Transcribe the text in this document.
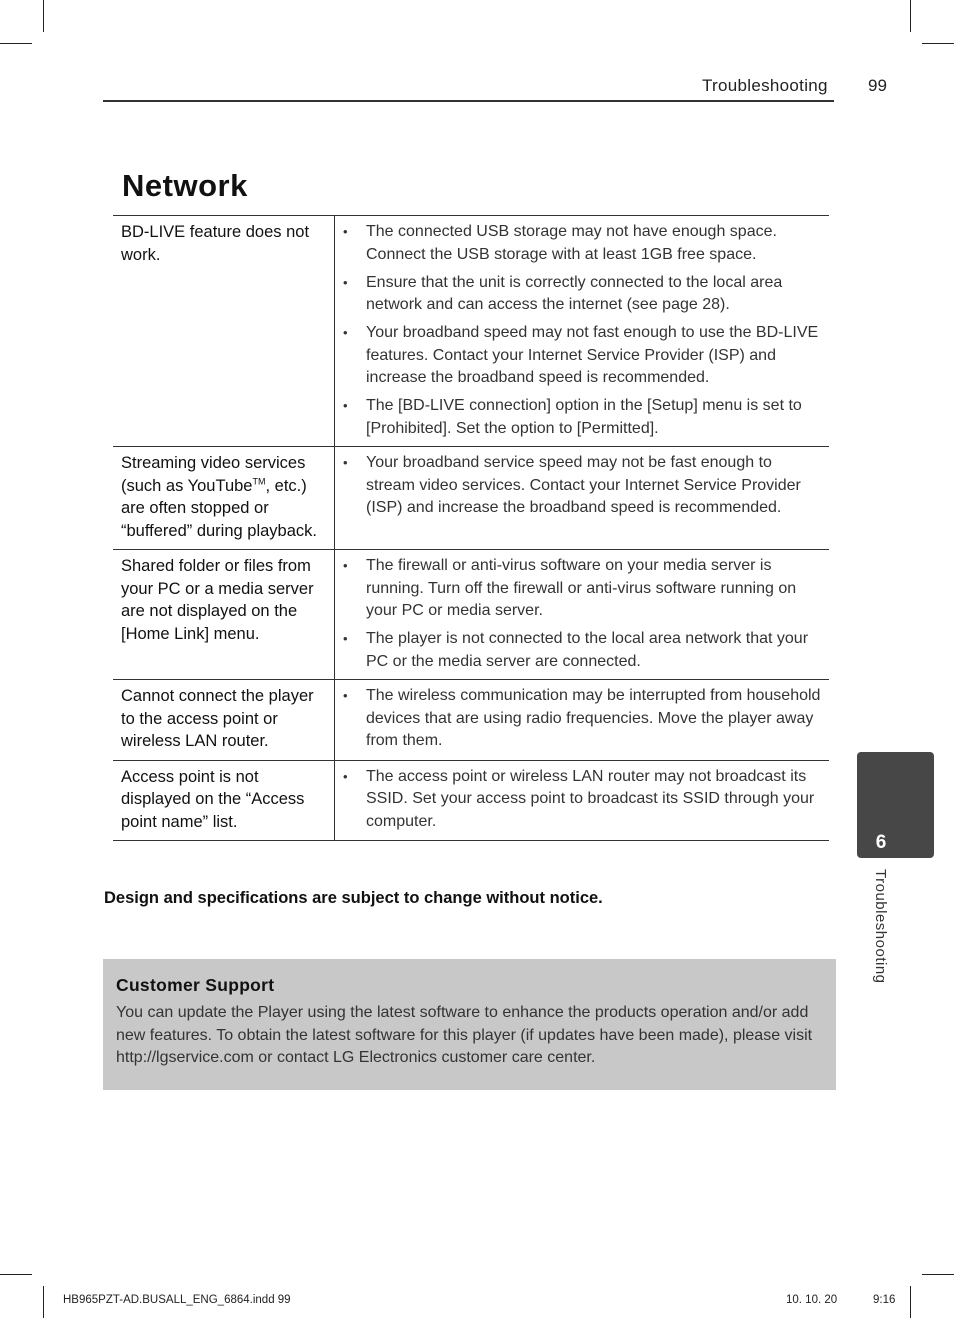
Troubleshooting 99
Network
BD-LIVE feature does not work.
•	The connected USB storage may not have enough space. Connect the USB storage with at least 1GB free space.
•	Ensure that the unit is correctly connected to the local area network and can access the internet (see page 28).
•	Your broadband speed may not fast enough to use the BD-LIVE features. Contact your Internet Service Provider (ISP) and increase the broadband speed is recommended.
•	The [BD-LIVE connection] option in the [Setup] menu is set to [Prohibited]. Set the option to [Permitted].
Streaming video services (such as YouTube™, etc.) are often stopped or “buffered” during playback.
•	Your broadband service speed may not be fast enough to stream video services. Contact your Internet Service Provider (ISP) and increase the broadband speed is recommended.
Shared folder or files from your PC or a media server are not displayed on the [Home Link] menu.
•	The firewall or anti-virus software on your media server is running. Turn off the firewall or anti-virus software running on your PC or media server.
•	The player is not connected to the local area network that your PC or the media server are connected.
Cannot connect the player to the access point or wireless LAN router.
•	The wireless communication may be interrupted from household devices that are using radio frequencies. Move the player away from them.
Access point is not displayed on the “Access point name” list.
•	The access point or wireless LAN router may not broadcast its SSID. Set your access point to broadcast its SSID through your computer.
Design and specifications are subject to change without notice.
Customer Support
You can update the Player using the latest software to enhance the products operation and/or add new features. To obtain the latest software for this player (if updates have been made), please visit http://lgservice.com or contact LG Electronics customer care center.
6
Troubleshooting
HB965PZT-AD.BUSALL_ENG_6864.indd 99	10. 10. 20	9:16
